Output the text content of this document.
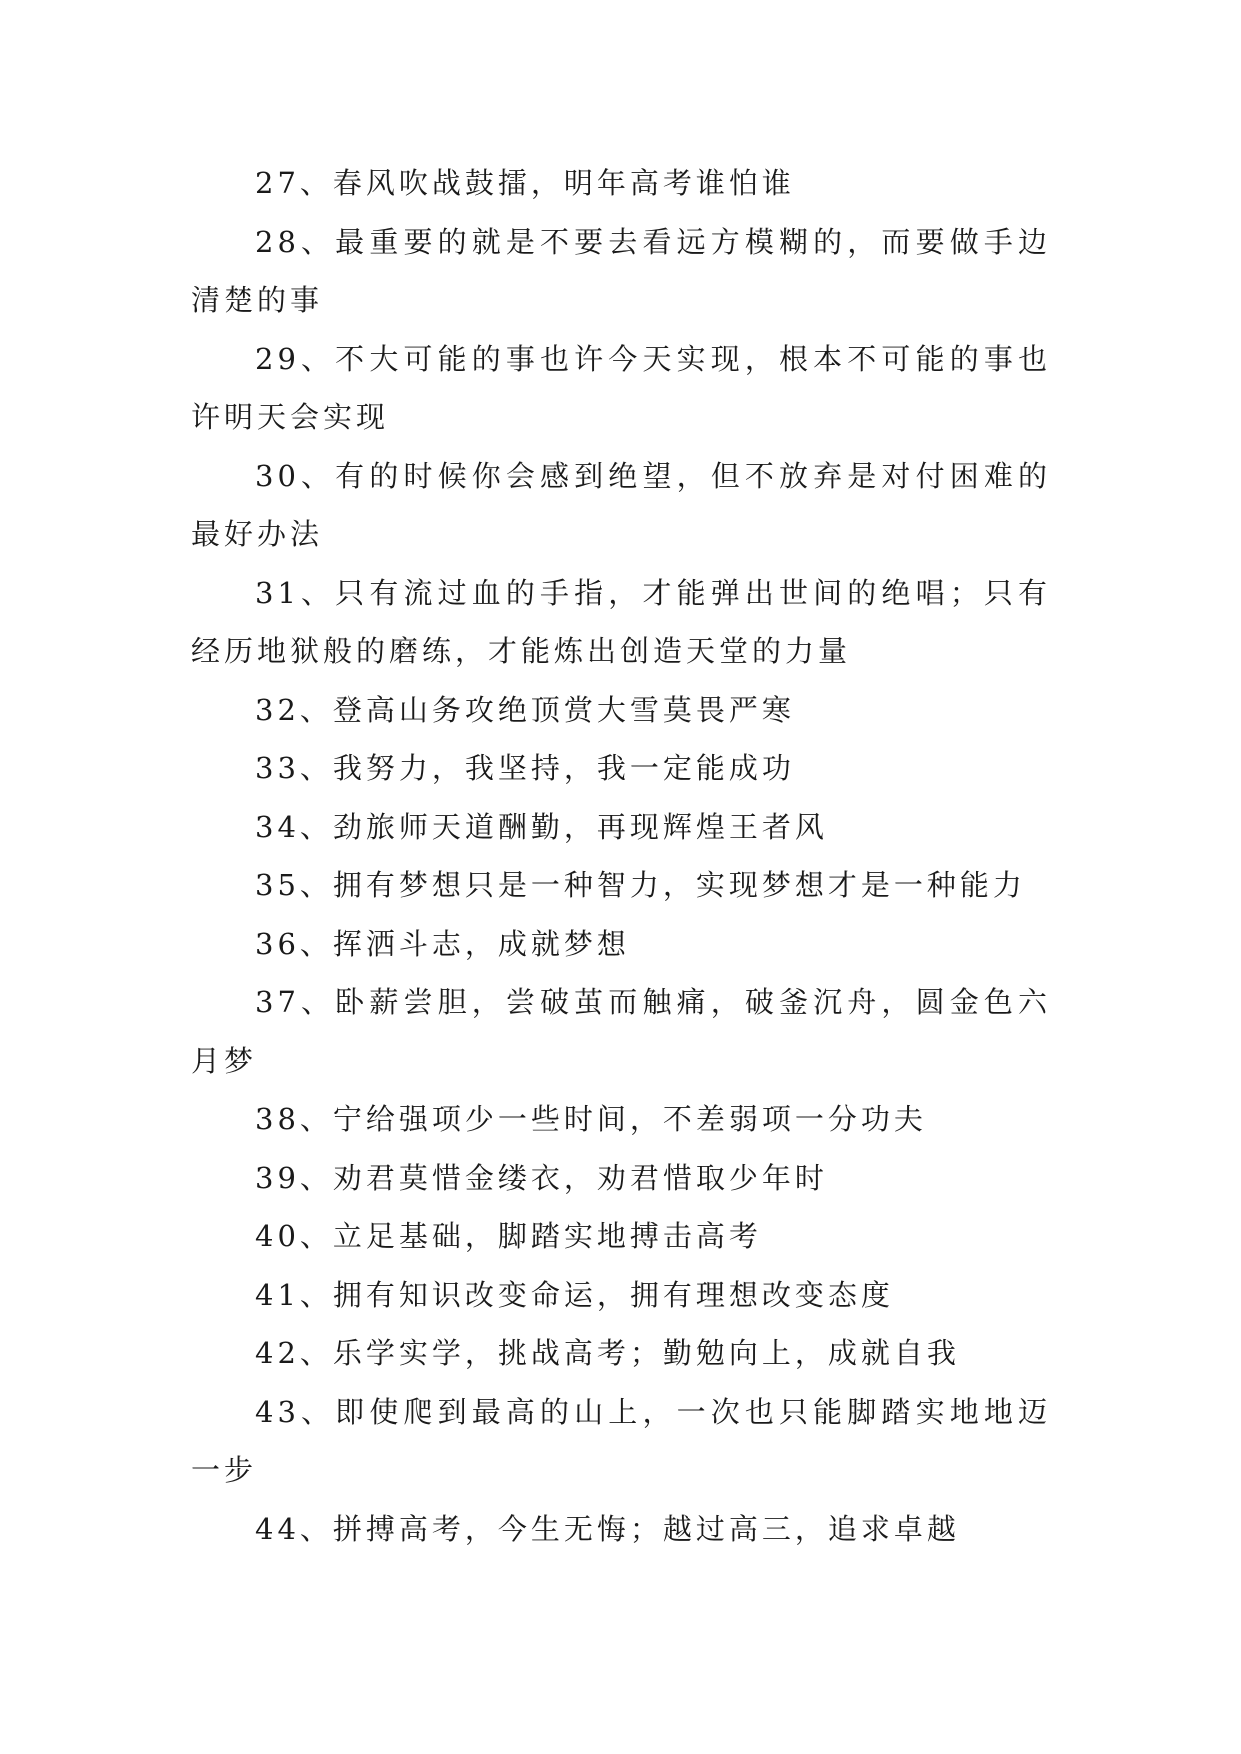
27、春风吹战鼓擂，明年高考谁怕谁

28、最重要的就是不要去看远方模糊的，而要做手边清楚的事

29、不大可能的事也许今天实现，根本不可能的事也许明天会实现

30、有的时候你会感到绝望，但不放弃是对付困难的最好办法

31、只有流过血的手指，才能弹出世间的绝唱；只有经历地狱般的磨练，才能炼出创造天堂的力量

32、登高山务攻绝顶赏大雪莫畏严寒

33、我努力，我坚持，我一定能成功

34、劲旅师天道酬勤，再现辉煌王者风

35、拥有梦想只是一种智力，实现梦想才是一种能力

36、挥洒斗志，成就梦想

37、卧薪尝胆，尝破茧而触痛，破釜沉舟，圆金色六月梦

38、宁给强项少一些时间，不差弱项一分功夫

39、劝君莫惜金缕衣，劝君惜取少年时

40、立足基础，脚踏实地搏击高考

41、拥有知识改变命运，拥有理想改变态度

42、乐学实学，挑战高考；勤勉向上，成就自我

43、即使爬到最高的山上，一次也只能脚踏实地地迈一步

44、拼搏高考，今生无悔；越过高三，追求卓越
